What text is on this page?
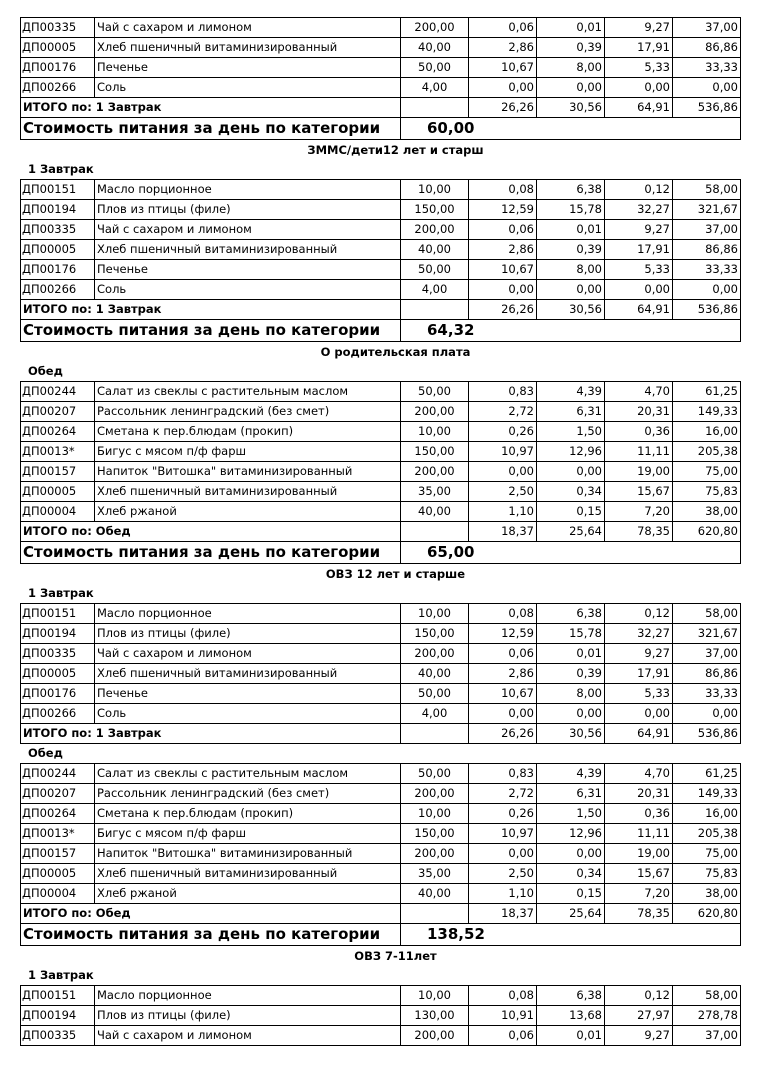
ДП00335	Чай с сахаром и лимоном	200,00	0,06	0,01	9,27	37,00
ДП00005	Хлеб пшеничный витаминизированный	40,00	2,86	0,39	17,91	86,86
ДП00176	Печенье	50,00	10,67	8,00	5,33	33,33
ДП00266	Соль	4,00	0,00	0,00	0,00	0,00
ИТОГО по: 1 Завтрак			26,26	30,56	64,91	536,86
Стоимость питания за день по категории		60,00				
ЗММС/дети12 лет и старш
1 Завтрак
ДП00151	Масло порционное	10,00	0,08	6,38	0,12	58,00
ДП00194	Плов из птицы (филе)	150,00	12,59	15,78	32,27	321,67
ДП00335	Чай с сахаром и лимоном	200,00	0,06	0,01	9,27	37,00
ДП00005	Хлеб пшеничный витаминизированный	40,00	2,86	0,39	17,91	86,86
ДП00176	Печенье	50,00	10,67	8,00	5,33	33,33
ДП00266	Соль	4,00	0,00	0,00	0,00	0,00
ИТОГО по: 1 Завтрак			26,26	30,56	64,91	536,86
Стоимость питания за день по категории		64,32				
О родительская плата
Обед
ДП00244	Салат из свеклы с растительным маслом	50,00	0,83	4,39	4,70	61,25
ДП00207	Рассольник ленинградский (без смет)	200,00	2,72	6,31	20,31	149,33
ДП00264	Сметана к пер.блюдам (прокип)	10,00	0,26	1,50	0,36	16,00
ДП0013*	Бигус с мясом п/ф фарш	150,00	10,97	12,96	11,11	205,38
ДП00157	Напиток "Витошка" витаминизированный	200,00	0,00	0,00	19,00	75,00
ДП00005	Хлеб пшеничный витаминизированный	35,00	2,50	0,34	15,67	75,83
ДП00004	Хлеб ржаной	40,00	1,10	0,15	7,20	38,00
ИТОГО по: Обед			18,37	25,64	78,35	620,80
Стоимость питания за день по категории		65,00				
ОВЗ 12 лет и старше
1 Завтрак
ДП00151	Масло порционное	10,00	0,08	6,38	0,12	58,00
ДП00194	Плов из птицы (филе)	150,00	12,59	15,78	32,27	321,67
ДП00335	Чай с сахаром и лимоном	200,00	0,06	0,01	9,27	37,00
ДП00005	Хлеб пшеничный витаминизированный	40,00	2,86	0,39	17,91	86,86
ДП00176	Печенье	50,00	10,67	8,00	5,33	33,33
ДП00266	Соль	4,00	0,00	0,00	0,00	0,00
ИТОГО по: 1 Завтрак			26,26	30,56	64,91	536,86
Обед
ДП00244	Салат из свеклы с растительным маслом	50,00	0,83	4,39	4,70	61,25
ДП00207	Рассольник ленинградский (без смет)	200,00	2,72	6,31	20,31	149,33
ДП00264	Сметана к пер.блюдам (прокип)	10,00	0,26	1,50	0,36	16,00
ДП0013*	Бигус с мясом п/ф фарш	150,00	10,97	12,96	11,11	205,38
ДП00157	Напиток "Витошка" витаминизированный	200,00	0,00	0,00	19,00	75,00
ДП00005	Хлеб пшеничный витаминизированный	35,00	2,50	0,34	15,67	75,83
ДП00004	Хлеб ржаной	40,00	1,10	0,15	7,20	38,00
ИТОГО по: Обед			18,37	25,64	78,35	620,80
Стоимость питания за день по категории		138,52				
ОВЗ 7-11лет
1 Завтрак
ДП00151	Масло порционное	10,00	0,08	6,38	0,12	58,00
ДП00194	Плов из птицы (филе)	130,00	10,91	13,68	27,97	278,78
ДП00335	Чай с сахаром и лимоном	200,00	0,06	0,01	9,27	37,00
